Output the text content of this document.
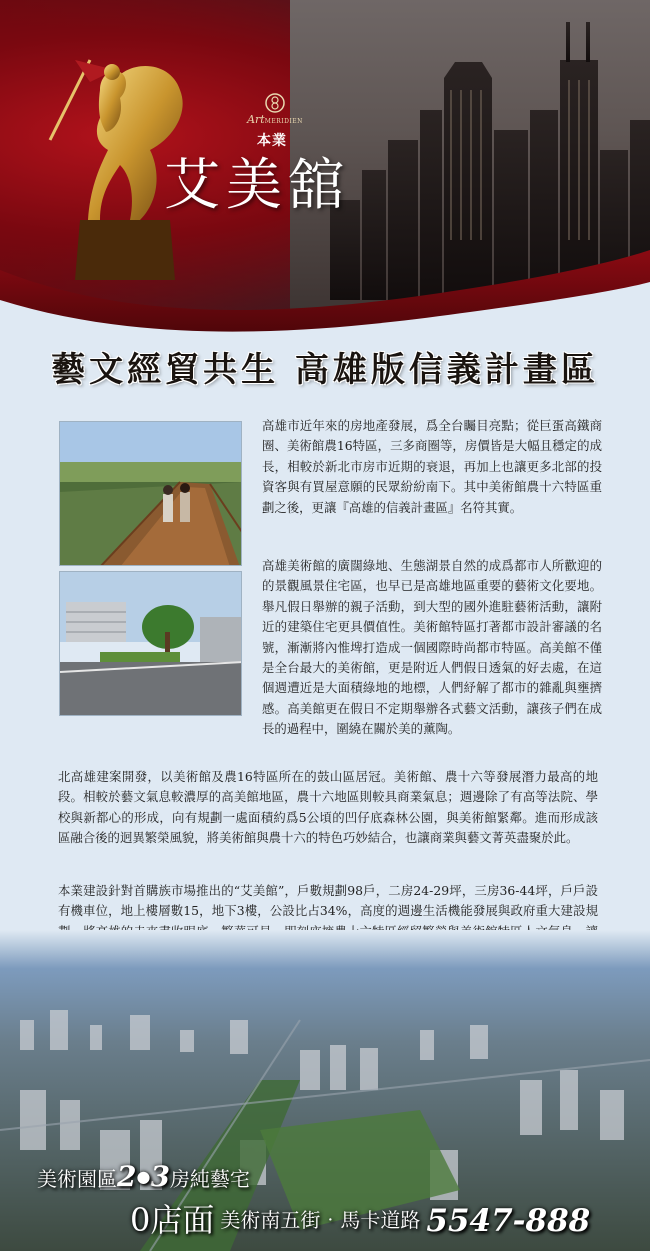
ArtMERIDIEN
本業
艾美舘
藝文經貿共生 高雄版信義計畫區

高雄市近年來的房地產發展，爲全台矚目亮點；從巨蛋高鐵商圈、美術館農16特區，三多商圈等，房價皆是大幅且穩定的成長，相較於新北市房市近期的衰退，再加上也讓更多北部的投資客與有買屋意願的民眾紛紛南下。其中美術館農十六特區重劃之後，更讓『高雄的信義計畫區』名符其實。

高雄美術館的廣闊綠地、生態湖景自然的成爲都市人所歡迎的的景觀風景住宅區，也早已是高雄地區重要的藝術文化要地。舉凡假日舉辦的親子活動，到大型的國外進駐藝術活動，讓附近的建築住宅更具價值性。美術館特區打著都市設計審議的名號，漸漸將內惟埤打造成一個國際時尚都市特區。高美館不僅是全台最大的美術館，更是附近人們假日透氣的好去處，在這個週遭近是大面積綠地的地標，人們紓解了都市的雜亂與壅擠感。高美館更在假日不定期舉辦各式藝文活動，讓孩子們在成長的過程中，圍繞在關於美的薰陶。

北高雄建案開發，以美術館及農16特區所在的鼓山區居冠。美術館、農十六等發展潛力最高的地段。相較於藝文氣息較濃厚的高美館地區，農十六地區則較具商業氣息；週邊除了有高等法院、學校與新都心的形成，向有規劃一處面積約爲5公頃的凹仔底森林公園，與美術館緊鄰。進而形成該區融合後的迥異繁榮風貌，將美術館與農十六的特色巧妙結合，也讓商業與藝文菁英盡聚於此。

本業建設針對首購族市場推出的“艾美館”，戶數規劃98戶，二房24-29坪，三房36-44坪，戶戶設有機車位，地上樓層數15，地下3樓，公設比占34%，高度的週邊生活機能發展與政府重大建設規

美術園區2●3房純藝宅
0店面 美術南五街‧馬卡道路 5547-888
